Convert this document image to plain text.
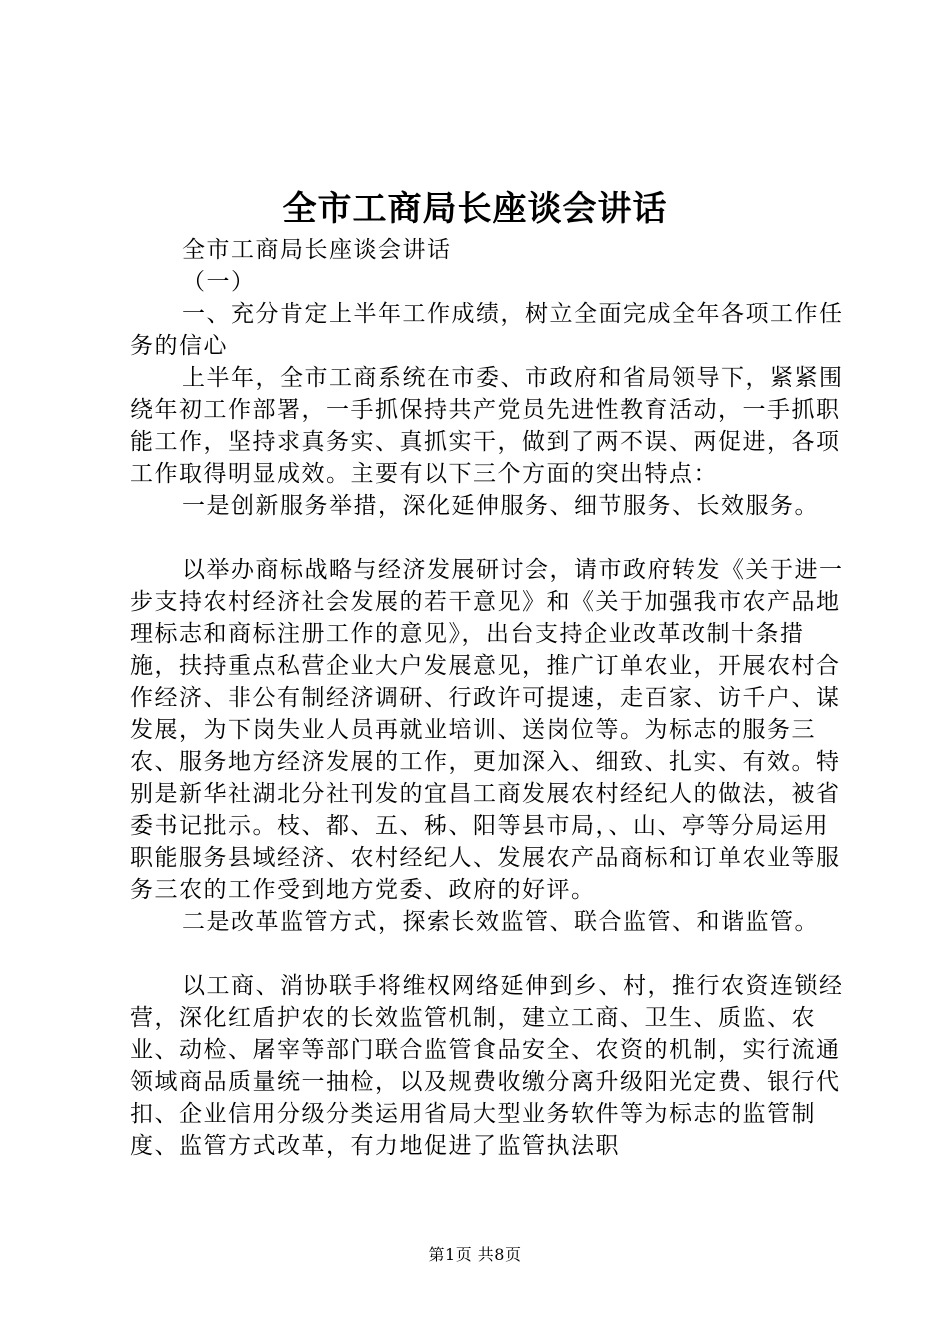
全市工商局长座谈会讲话

全市工商局长座谈会讲话

（一）

一、充分肯定上半年工作成绩，树立全面完成全年各项工作任务的信心

上半年，全市工商系统在市委、市政府和省局领导下，紧紧围绕年初工作部署，一手抓保持共产党员先进性教育活动，一手抓职能工作，坚持求真务实、真抓实干，做到了两不误、两促进，各项工作取得明显成效。主要有以下三个方面的突出特点：

一是创新服务举措，深化延伸服务、细节服务、长效服务。

以举办商标战略与经济发展研讨会，请市政府转发《关于进一步支持农村经济社会发展的若干意见》和《关于加强我市农产品地理标志和商标注册工作的意见》，出台支持企业改革改制十条措施，扶持重点私营企业大户发展意见，推广订单农业，开展农村合作经济、非公有制经济调研、行政许可提速，走百家、访千户、谋发展，为下岗失业人员再就业培训、送岗位等。为标志的服务三农、服务地方经济发展的工作，更加深入、细致、扎实、有效。特别是新华社湖北分社刊发的宜昌工商发展农村经纪人的做法，被省委书记批示。枝、都、五、秭、阳等县市局，、山、亭等分局运用职能服务县域经济、农村经纪人、发展农产品商标和订单农业等服务三农的工作受到地方党委、政府的好评。

二是改革监管方式，探索长效监管、联合监管、和谐监管。

以工商、消协联手将维权网络延伸到乡、村，推行农资连锁经营，深化红盾护农的长效监管机制，建立工商、卫生、质监、农业、动检、屠宰等部门联合监管食品安全、农资的机制，实行流通领域商品质量统一抽检，以及规费收缴分离升级阳光定费、银行代扣、企业信用分级分类运用省局大型业务软件等为标志的监管制度、监管方式改革，有力地促进了监管执法职

第1页 共8页
